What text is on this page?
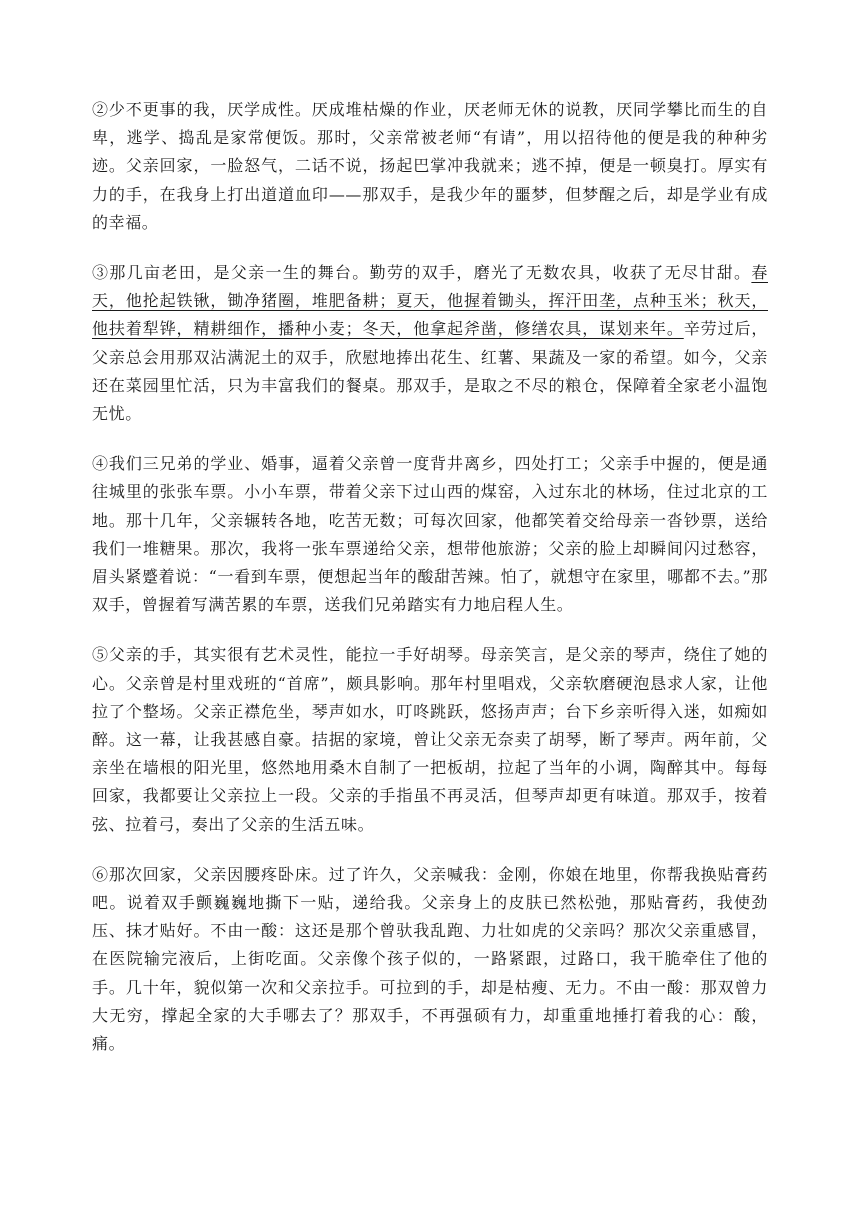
②少不更事的我，厌学成性。厌成堆枯燥的作业，厌老师无休的说教，厌同学攀比而生的自卑，逃学、捣乱是家常便饭。那时，父亲常被老师“有请”，用以招待他的便是我的种种劣迹。父亲回家，一脸怒气，二话不说，扬起巴掌冲我就来；逃不掉，便是一顿臭打。厚实有力的手，在我身上打出道道血印——那双手，是我少年的噩梦，但梦醒之后，却是学业有成的幸福。

③那几亩老田，是父亲一生的舞台。勤劳的双手，磨光了无数农具，收获了无尽甘甜。春天，他抡起铁锹，锄净猪圈，堆肥备耕；夏天，他握着锄头，挥汗田垄，点种玉米；秋天，他扶着犁铧，精耕细作，播种小麦；冬天，他拿起斧凿，修缮农具，谋划来年。辛劳过后，父亲总会用那双沾满泥土的双手，欣慰地捧出花生、红薯、果蔬及一家的希望。如今，父亲还在菜园里忙活，只为丰富我们的餐桌。那双手，是取之不尽的粮仓，保障着全家老小温饱无忧。

④我们三兄弟的学业、婚事，逼着父亲曾一度背井离乡，四处打工；父亲手中握的，便是通往城里的张张车票。小小车票，带着父亲下过山西的煤窑，入过东北的林场，住过北京的工地。那十几年，父亲辗转各地，吃苦无数；可每次回家，他都笑着交给母亲一沓钞票，送给我们一堆糖果。那次，我将一张车票递给父亲，想带他旅游；父亲的脸上却瞬间闪过愁容，眉头紧蹙着说：“一看到车票，便想起当年的酸甜苦辣。怕了，就想守在家里，哪都不去。”那双手，曾握着写满苦累的车票，送我们兄弟踏实有力地启程人生。

⑤父亲的手，其实很有艺术灵性，能拉一手好胡琴。母亲笑言，是父亲的琴声，绕住了她的心。父亲曾是村里戏班的“首席”，颇具影响。那年村里唱戏，父亲软磨硬泡恳求人家，让他拉了个整场。父亲正襟危坐，琴声如水，叮咚跳跃，悠扬声声；台下乡亲听得入迷，如痴如醉。这一幕，让我甚感自豪。拮据的家境，曾让父亲无奈卖了胡琴，断了琴声。两年前，父亲坐在墙根的阳光里，悠然地用桑木自制了一把板胡，拉起了当年的小调，陶醉其中。每每回家，我都要让父亲拉上一段。父亲的手指虽不再灵活，但琴声却更有味道。那双手，按着弦、拉着弓，奏出了父亲的生活五味。

⑥那次回家，父亲因腰疼卧床。过了许久，父亲喊我：金刚，你娘在地里，你帮我换贴膏药吧。说着双手颤巍巍地撕下一贴，递给我。父亲身上的皮肤已然松弛，那贴膏药，我使劲压、抹才贴好。不由一酸：这还是那个曾驮我乱跑、力壮如虎的父亲吗？那次父亲重感冒，在医院输完液后，上街吃面。父亲像个孩子似的，一路紧跟，过路口，我干脆牵住了他的手。几十年，貌似第一次和父亲拉手。可拉到的手，却是枯瘦、无力。不由一酸：那双曾力大无穷，撑起全家的大手哪去了？那双手，不再强硕有力，却重重地捶打着我的心：酸，痛。
